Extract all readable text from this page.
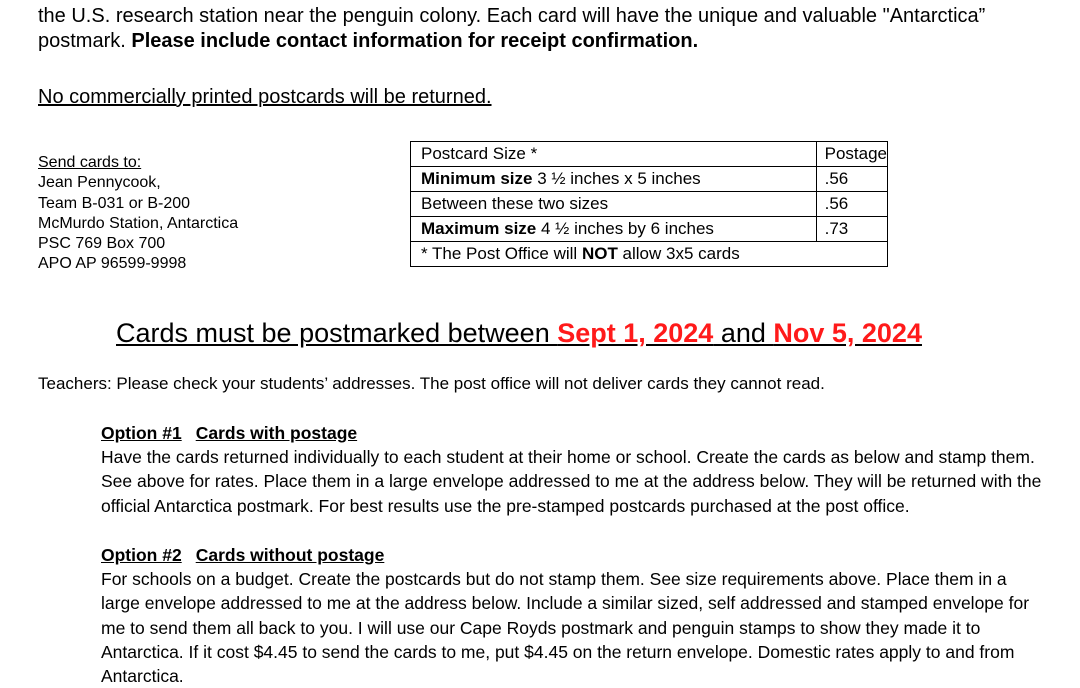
the U.S. research station near the penguin colony. Each card will have the unique and valuable "Antarctica”
postmark. Please include contact information for receipt confirmation.
No commercially printed postcards will be returned.
Send cards to:
Jean Pennycook,
Team B-031 or B-200
McMurdo Station, Antarctica
PSC 769 Box 700
APO AP 96599-9998
Postcard Size *	Postage
Minimum size 3 ½ inches x 5 inches	.56
Between these two sizes	.56
Maximum size 4 ½ inches by 6 inches	.73
* The Post Office will NOT allow 3x5 cards	
Cards must be postmarked between Sept 1, 2024 and Nov 5, 2024
Teachers: Please check your students’ addresses. The post office will not deliver cards they cannot read.
Option #1 Cards with postage
Have the cards returned individually to each student at their home or school. Create the cards as below and stamp them.
See above for rates. Place them in a large envelope addressed to me at the address below. They will be returned with the
official Antarctica postmark. For best results use the pre-stamped postcards purchased at the post office.
Option #2 Cards without postage
For schools on a budget. Create the postcards but do not stamp them. See size requirements above. Place them in a
large envelope addressed to me at the address below. Include a similar sized, self addressed and stamped envelope for
me to send them all back to you. I will use our Cape Royds postmark and penguin stamps to show they made it to
Antarctica. If it cost $4.45 to send the cards to me, put $4.45 on the return envelope. Domestic rates apply to and from
Antarctica.
